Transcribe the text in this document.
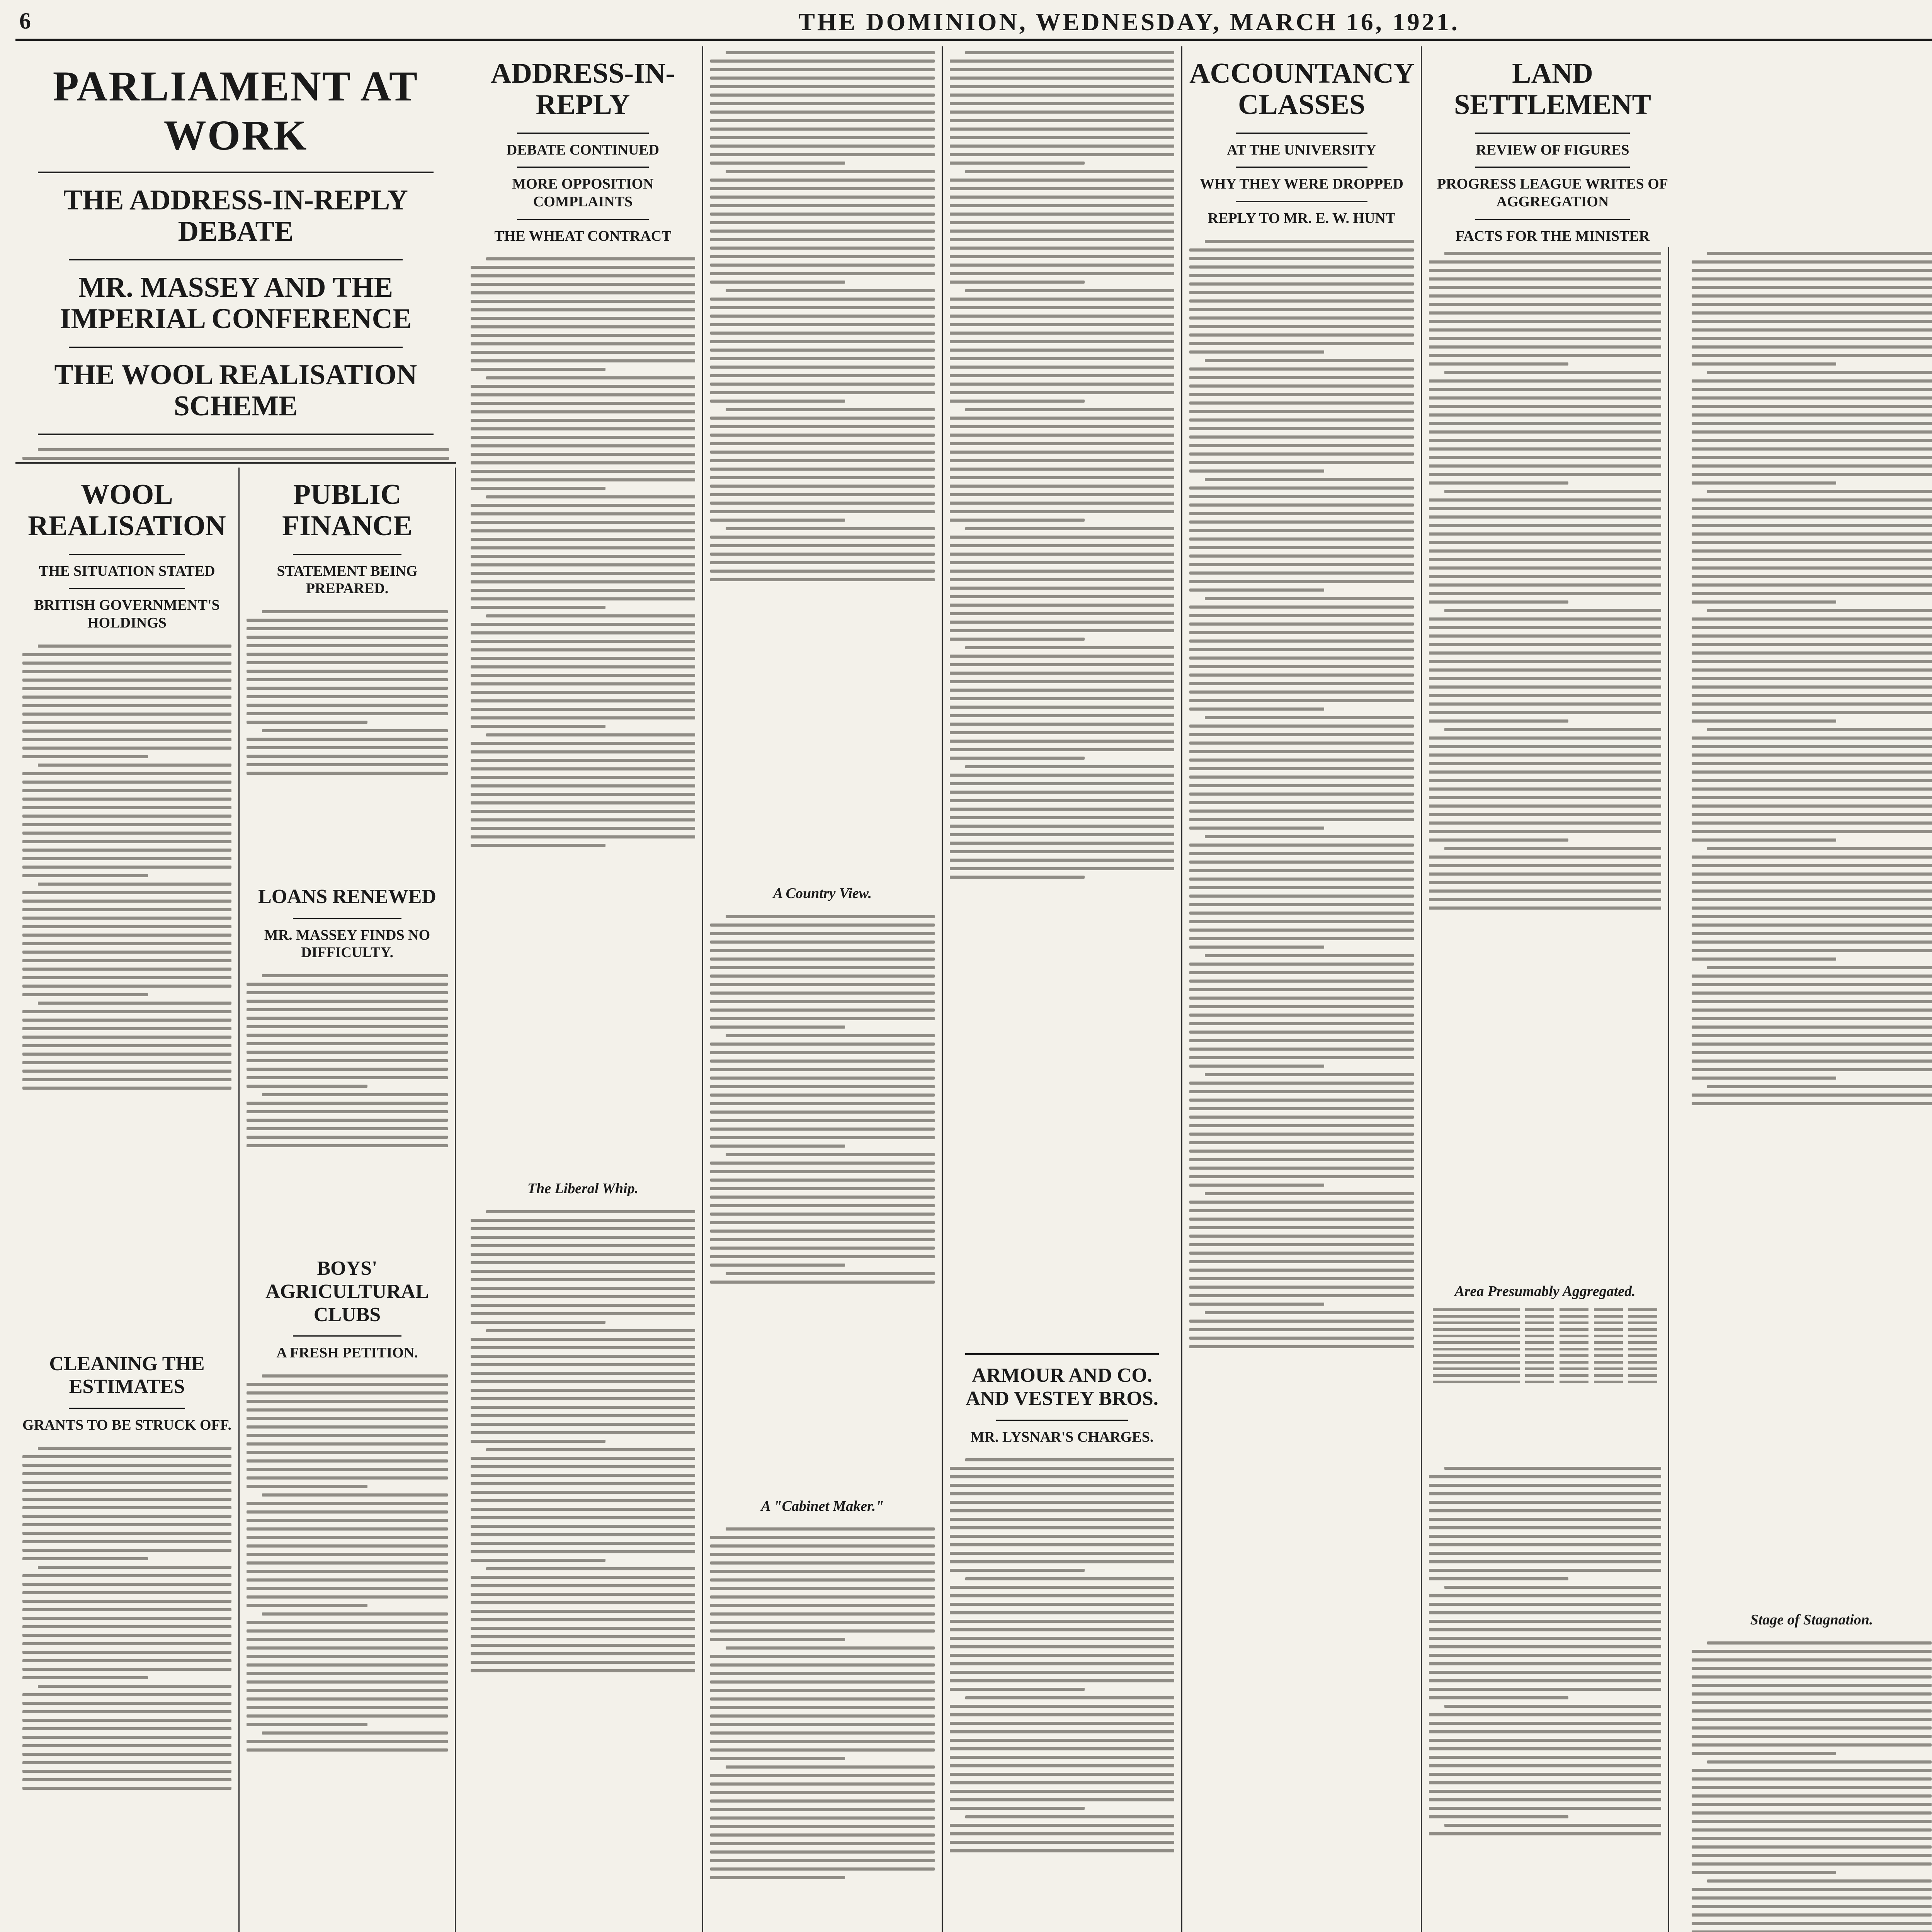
6	THE DOMINION, WEDNESDAY, MARCH 16, 1921.
PARLIAMENT AT WORK
THE ADDRESS-IN-REPLY DEBATE
MR. MASSEY AND THE IMPERIAL CONFERENCE
THE WOOL REALISATION SCHEME
WOOL REALISATION
THE SITUATION STATED
BRITISH GOVERNMENT'S HOLDINGS
CLEANING THE ESTIMATES
GRANTS TO BE STRUCK OFF.
PUBLIC FINANCE
STATEMENT BEING PREPARED.
LOANS RENEWED
MR. MASSEY FINDS NO DIFFICULTY.
BOYS' AGRICULTURAL CLUBS
A FRESH PETITION.
ADDRESS-IN-REPLY
DEBATE CONTINUED
MORE OPPOSITION COMPLAINTS
THE WHEAT CONTRACT
The Liberal Whip.
A Country View.
A "Cabinet Maker."
ARMOUR AND CO. AND VESTEY BROS.
MR. LYSNAR'S CHARGES.
ACCOUNTANCY CLASSES
AT THE UNIVERSITY
WHY THEY WERE DROPPED
REPLY TO MR. E. W. HUNT
LAND SETTLEMENT
REVIEW OF FIGURES
PROGRESS LEAGUE WRITES OF AGGREGATION
FACTS FOR THE MINISTER
Area Presumably Aggregated.
Stage of Stagnation.
